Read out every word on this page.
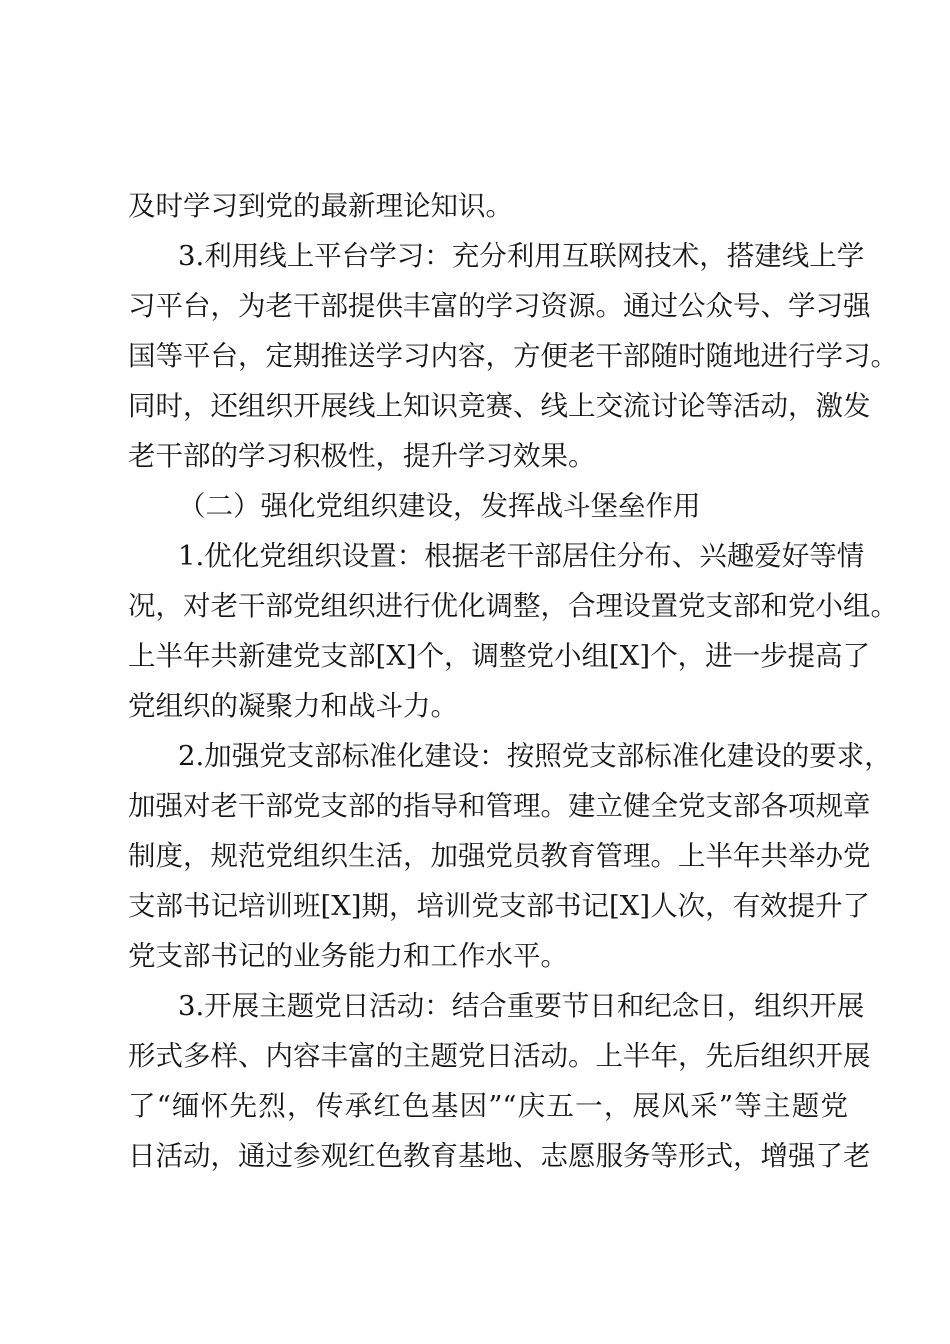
及时学习到党的最新理论知识。
3.利用线上平台学习：充分利用互联网技术，搭建线上学
习平台，为老干部提供丰富的学习资源。通过公众号、学习强
国等平台，定期推送学习内容，方便老干部随时随地进行学习。
同时，还组织开展线上知识竞赛、线上交流讨论等活动，激发
老干部的学习积极性，提升学习效果。
（二）强化党组织建设，发挥战斗堡垒作用
1.优化党组织设置：根据老干部居住分布、兴趣爱好等情
况，对老干部党组织进行优化调整，合理设置党支部和党小组。
上半年共新建党支部[X]个，调整党小组[X]个，进一步提高了
党组织的凝聚力和战斗力。
2.加强党支部标准化建设：按照党支部标准化建设的要求，
加强对老干部党支部的指导和管理。建立健全党支部各项规章
制度，规范党组织生活，加强党员教育管理。上半年共举办党
支部书记培训班[X]期，培训党支部书记[X]人次，有效提升了
党支部书记的业务能力和工作水平。
3.开展主题党日活动：结合重要节日和纪念日，组织开展
形式多样、内容丰富的主题党日活动。上半年，先后组织开展
了“缅怀先烈，传承红色基因”“庆五一，展风采”等主题党
日活动，通过参观红色教育基地、志愿服务等形式，增强了老
